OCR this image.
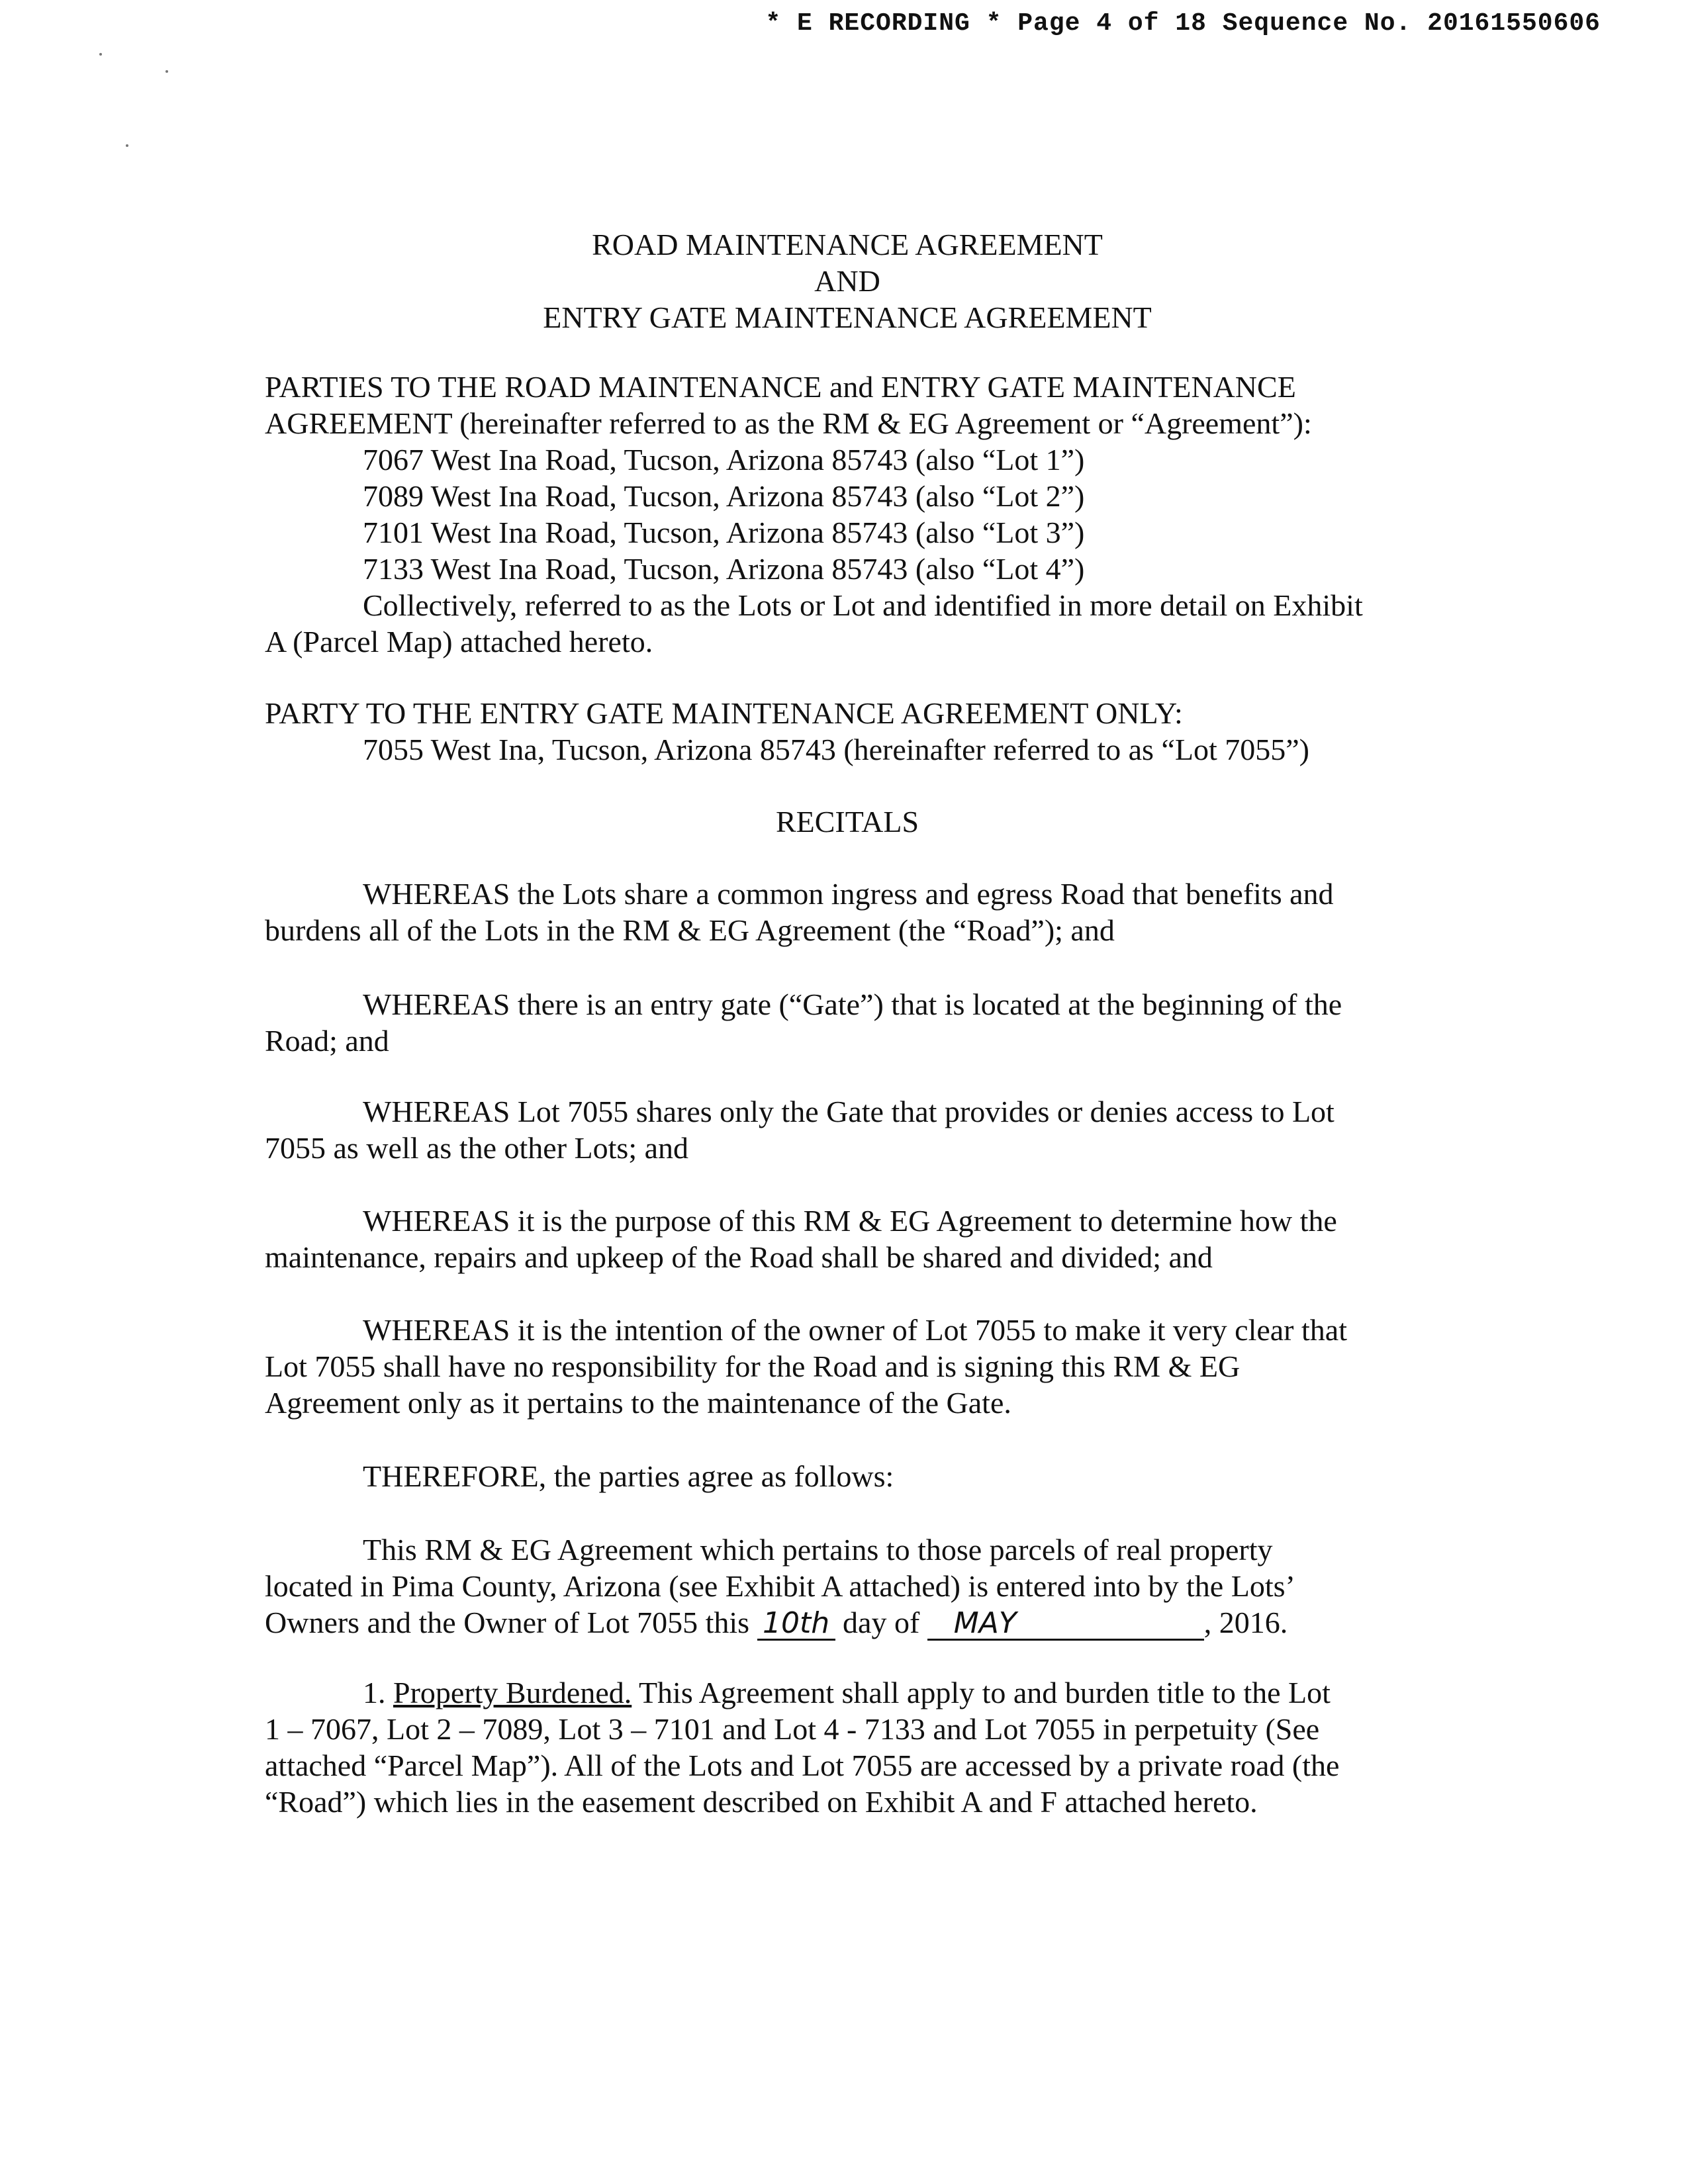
* E RECORDING * Page 4 of 18 Sequence No. 20161550606
ROAD MAINTENANCE AGREEMENT
AND
ENTRY GATE MAINTENANCE AGREEMENT
PARTIES TO THE ROAD MAINTENANCE and ENTRY GATE MAINTENANCE
AGREEMENT (hereinafter referred to as the RM & EG Agreement or “Agreement”):
7067 West Ina Road, Tucson, Arizona 85743 (also “Lot 1”)
7089 West Ina Road, Tucson, Arizona 85743 (also “Lot 2”)
7101 West Ina Road, Tucson, Arizona 85743 (also “Lot 3”)
7133 West Ina Road, Tucson, Arizona 85743 (also “Lot 4”)
Collectively, referred to as the Lots or Lot and identified in more detail on Exhibit
A (Parcel Map) attached hereto.
PARTY TO THE ENTRY GATE MAINTENANCE AGREEMENT ONLY:
7055 West Ina, Tucson, Arizona 85743 (hereinafter referred to as “Lot 7055”)
RECITALS
WHEREAS the Lots share a common ingress and egress Road that benefits and
burdens all of the Lots in the RM & EG Agreement (the “Road”); and
WHEREAS there is an entry gate (“Gate”) that is located at the beginning of the
Road; and
WHEREAS Lot 7055 shares only the Gate that provides or denies access to Lot
7055 as well as the other Lots; and
WHEREAS it is the purpose of this RM & EG Agreement to determine how the
maintenance, repairs and upkeep of the Road shall be shared and divided; and
WHEREAS it is the intention of the owner of Lot 7055 to make it very clear that
Lot 7055 shall have no responsibility for the Road and is signing this RM & EG
Agreement only as it pertains to the maintenance of the Gate.
THEREFORE, the parties agree as follows:
This RM & EG Agreement which pertains to those parcels of real property
located in Pima County, Arizona (see Exhibit A attached) is entered into by the Lots’
Owners and the Owner of Lot 7055 this 10th day of MAY	, 2016.
1. Property Burdened. This Agreement shall apply to and burden title to the Lot
1 – 7067, Lot 2 – 7089, Lot 3 – 7101 and Lot 4 - 7133 and Lot 7055 in perpetuity (See
attached “Parcel Map”). All of the Lots and Lot 7055 are accessed by a private road (the
“Road”) which lies in the easement described on Exhibit A and F attached hereto.
